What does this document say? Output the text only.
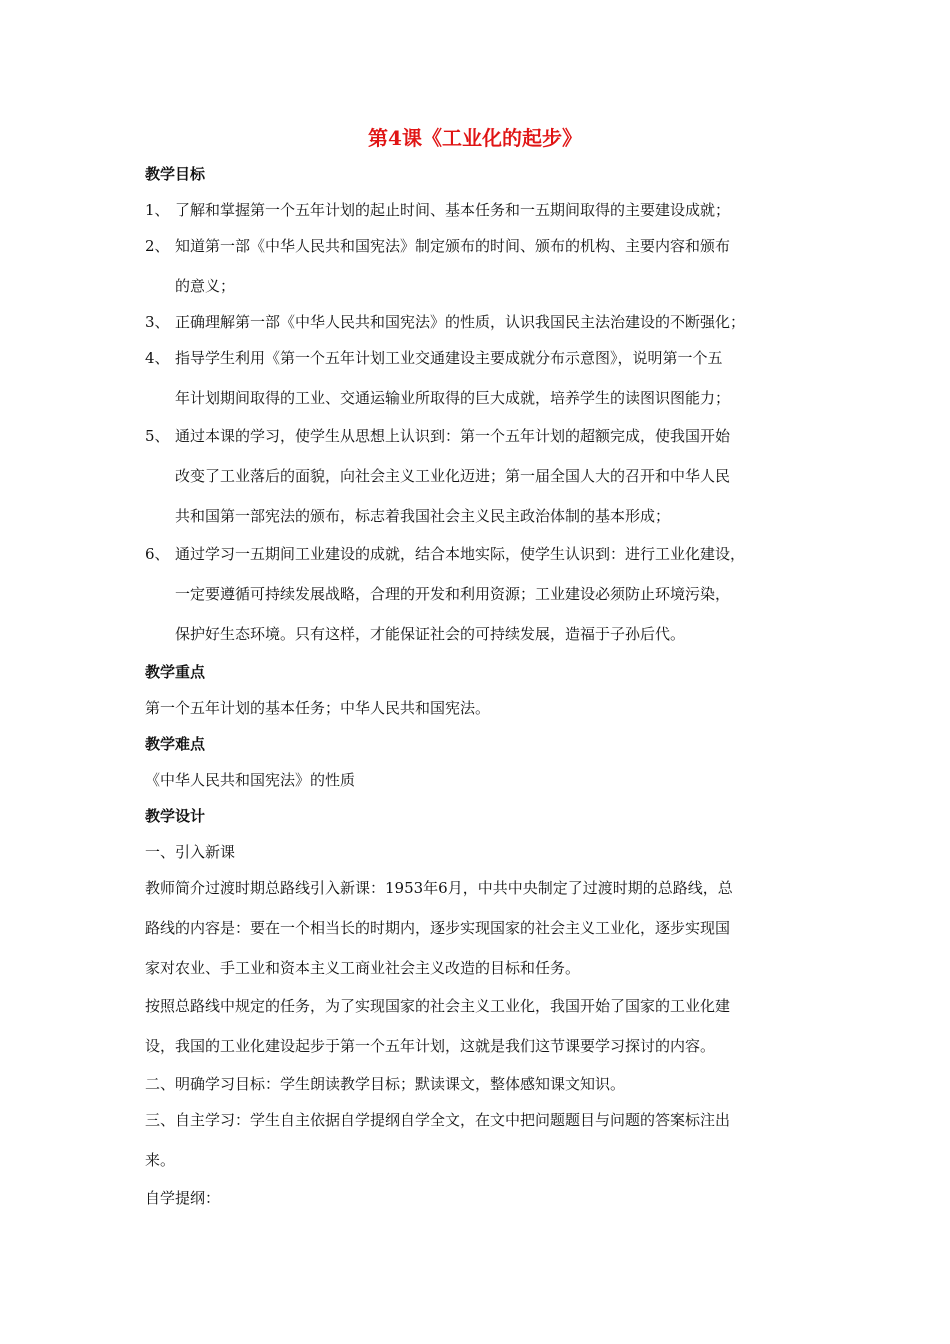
第4课《工业化的起步》
教学目标
1、 了解和掌握第一个五年计划的起止时间、基本任务和一五期间取得的主要建设成就；
2、 知道第一部《中华人民共和国宪法》制定颁布的时间、颁布的机构、主要内容和颁布
的意义；
3、 正确理解第一部《中华人民共和国宪法》的性质，认识我国民主法治建设的不断强化；
4、 指导学生利用《第一个五年计划工业交通建设主要成就分布示意图》，说明第一个五
年计划期间取得的工业、交通运输业所取得的巨大成就，培养学生的读图识图能力；
5、 通过本课的学习，使学生从思想上认识到：第一个五年计划的超额完成，使我国开始
改变了工业落后的面貌，向社会主义工业化迈进；第一届全国人大的召开和中华人民
共和国第一部宪法的颁布，标志着我国社会主义民主政治体制的基本形成；
6、 通过学习一五期间工业建设的成就，结合本地实际，使学生认识到：进行工业化建设，
一定要遵循可持续发展战略，合理的开发和利用资源；工业建设必须防止环境污染，
保护好生态环境。只有这样，才能保证社会的可持续发展，造福于子孙后代。
教学重点
第一个五年计划的基本任务；中华人民共和国宪法。
教学难点
《中华人民共和国宪法》的性质
教学设计
一、引入新课
教师简介过渡时期总路线引入新课：1953年6月，中共中央制定了过渡时期的总路线，总
路线的内容是：要在一个相当长的时期内，逐步实现国家的社会主义工业化，逐步实现国
家对农业、手工业和资本主义工商业社会主义改造的目标和任务。
按照总路线中规定的任务，为了实现国家的社会主义工业化，我国开始了国家的工业化建
设，我国的工业化建设起步于第一个五年计划，这就是我们这节课要学习探讨的内容。
二、明确学习目标：学生朗读教学目标；默读课文，整体感知课文知识。
三、自主学习：学生自主依据自学提纲自学全文，在文中把问题题目与问题的答案标注出
来。
自学提纲：
